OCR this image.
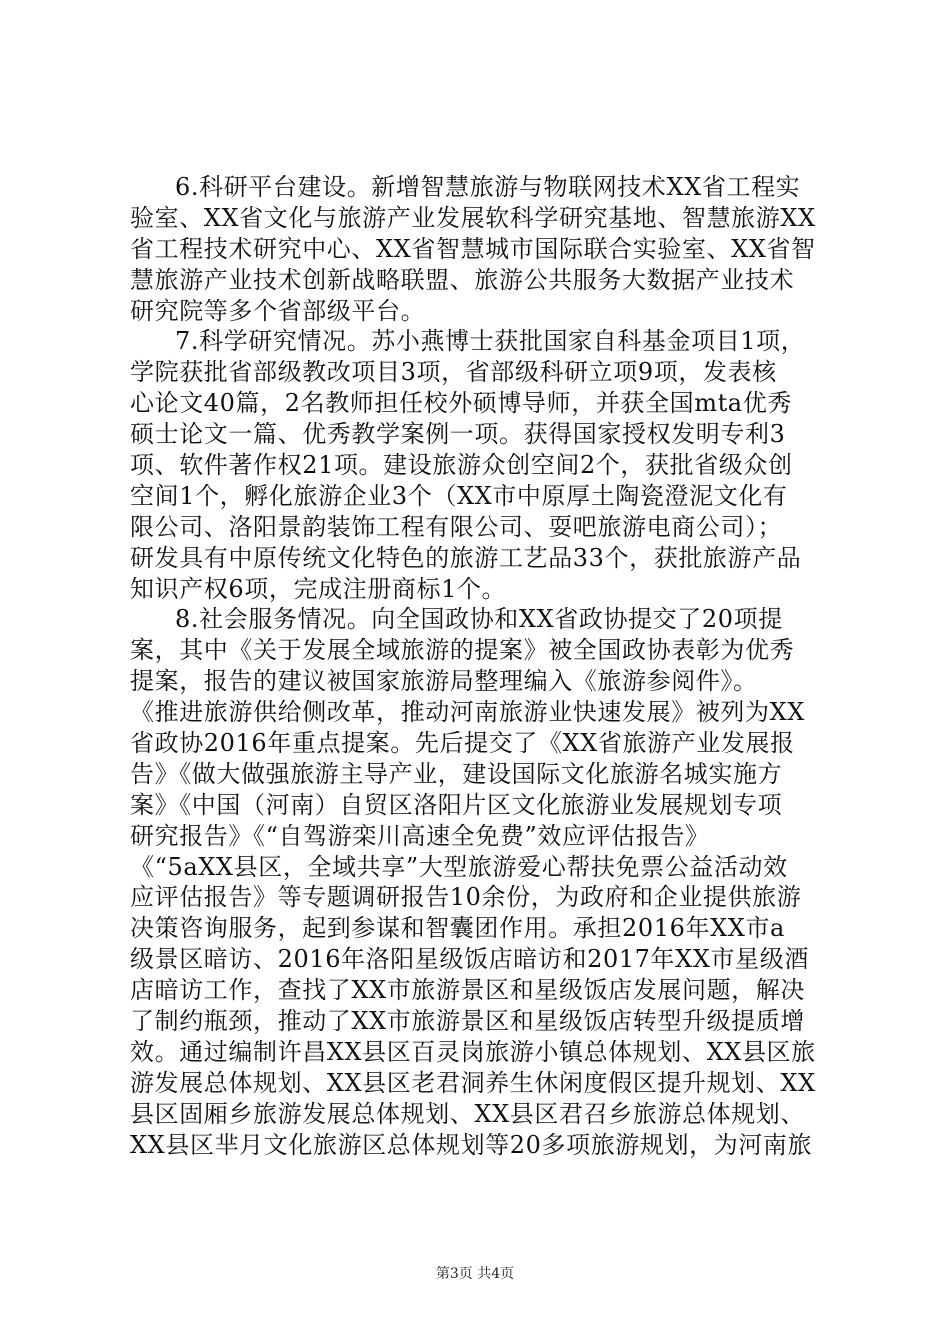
6.科研平台建设。新增智慧旅游与物联网技术XX省工程实
验室、XX省文化与旅游产业发展软科学研究基地、智慧旅游XX
省工程技术研究中心、XX省智慧城市国际联合实验室、XX省智
慧旅游产业技术创新战略联盟、旅游公共服务大数据产业技术
研究院等多个省部级平台。
7.科学研究情况。苏小燕博士获批国家自科基金项目1项，
学院获批省部级教改项目3项，省部级科研立项9项，发表核
心论文40篇，2名教师担任校外硕博导师，并获全国mta优秀
硕士论文一篇、优秀教学案例一项。获得国家授权发明专利3
项、软件著作权21项。建设旅游众创空间2个，获批省级众创
空间1个，孵化旅游企业3个（XX市中原厚土陶瓷澄泥文化有
限公司、洛阳景韵装饰工程有限公司、耍吧旅游电商公司）；
研发具有中原传统文化特色的旅游工艺品33个，获批旅游产品
知识产权6项，完成注册商标1个。
8.社会服务情况。向全国政协和XX省政协提交了20项提
案，其中《关于发展全域旅游的提案》被全国政协表彰为优秀
提案，报告的建议被国家旅游局整理编入《旅游参阅件》。
《推进旅游供给侧改革，推动河南旅游业快速发展》被列为XX
省政协2016年重点提案。先后提交了《XX省旅游产业发展报
告》《做大做强旅游主导产业，建设国际文化旅游名城实施方
案》《中国（河南）自贸区洛阳片区文化旅游业发展规划专项
研究报告》《“自驾游栾川高速全免费”效应评估报告》
《“5aXX县区，全域共享”大型旅游爱心帮扶免票公益活动效
应评估报告》等专题调研报告10余份，为政府和企业提供旅游
决策咨询服务，起到参谋和智囊团作用。承担2016年XX市a
级景区暗访、2016年洛阳星级饭店暗访和2017年XX市星级酒
店暗访工作，查找了XX市旅游景区和星级饭店发展问题，解决
了制约瓶颈，推动了XX市旅游景区和星级饭店转型升级提质增
效。通过编制许昌XX县区百灵岗旅游小镇总体规划、XX县区旅
游发展总体规划、XX县区老君洞养生休闲度假区提升规划、XX
县区固厢乡旅游发展总体规划、XX县区君召乡旅游总体规划、
XX县区芈月文化旅游区总体规划等20多项旅游规划，为河南旅
第3页 共4页
